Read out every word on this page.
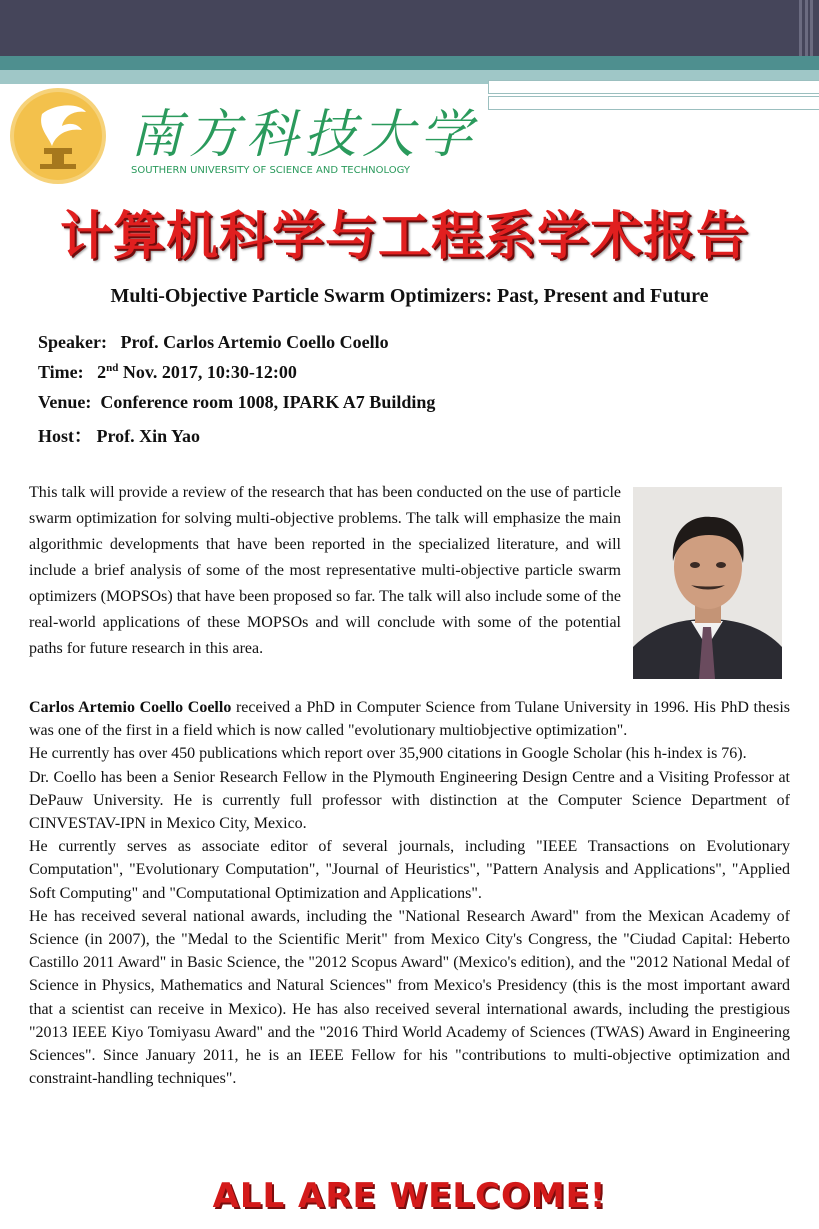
南方科技大学
SOUTHERN UNIVERSITY OF SCIENCE AND TECHNOLOGY
计算机科学与工程系学术报告
Multi-Objective Particle Swarm Optimizers: Past, Present and Future
Speaker: Prof. Carlos Artemio Coello Coello
Time: 2nd Nov. 2017, 10:30-12:00
Venue: Conference room 1008, IPARK A7 Building
Host： Prof. Xin Yao

This talk will provide a review of the research that has been conducted on the use of particle swarm optimization for solving multi-objective problems. The talk will emphasize the main algorithmic developments that have been reported in the specialized literature, and will include a brief analysis of some of the most representative multi-objective particle swarm optimizers (MOPSOs) that have been proposed so far. The talk will also include some of the real-world applications of these MOPSOs and will conclude with some of the potential paths for future research in this area.

Carlos Artemio Coello Coello received a PhD in Computer Science from Tulane University in 1996. His PhD thesis was one of the first in a field which is now called "evolutionary multiobjective optimization".

He currently has over 450 publications which report over 35,900 citations in Google Scholar (his h-index is 76).

Dr. Coello has been a Senior Research Fellow in the Plymouth Engineering Design Centre and a Visiting Professor at DePauw University. He is currently full professor with distinction at the Computer Science Department of CINVESTAV-IPN in Mexico City, Mexico.

He currently serves as associate editor of several journals, including "IEEE Transactions on Evolutionary Computation", "Evolutionary Computation", "Journal of Heuristics", "Pattern Analysis and Applications", "Applied Soft Computing" and "Computational Optimization and Applications".

He has received several national awards, including the "National Research Award" from the Mexican Academy of Science (in 2007), the "Medal to the Scientific Merit" from Mexico City's Congress, the "Ciudad Capital: Heberto Castillo 2011 Award" in Basic Science, the "2012 Scopus Award" (Mexico's edition), and the "2012 National Medal of Science in Physics, Mathematics and Natural Sciences" from Mexico's Presidency (this is the most important award that a scientist can receive in Mexico). He has also received several international awards, including the prestigious "2013 IEEE Kiyo Tomiyasu Award" and the "2016 Third World Academy of Sciences (TWAS) Award in Engineering Sciences". Since January 2011, he is an IEEE Fellow for his "contributions to multi-objective optimization and constraint-handling techniques".

ALL ARE WELCOME!
